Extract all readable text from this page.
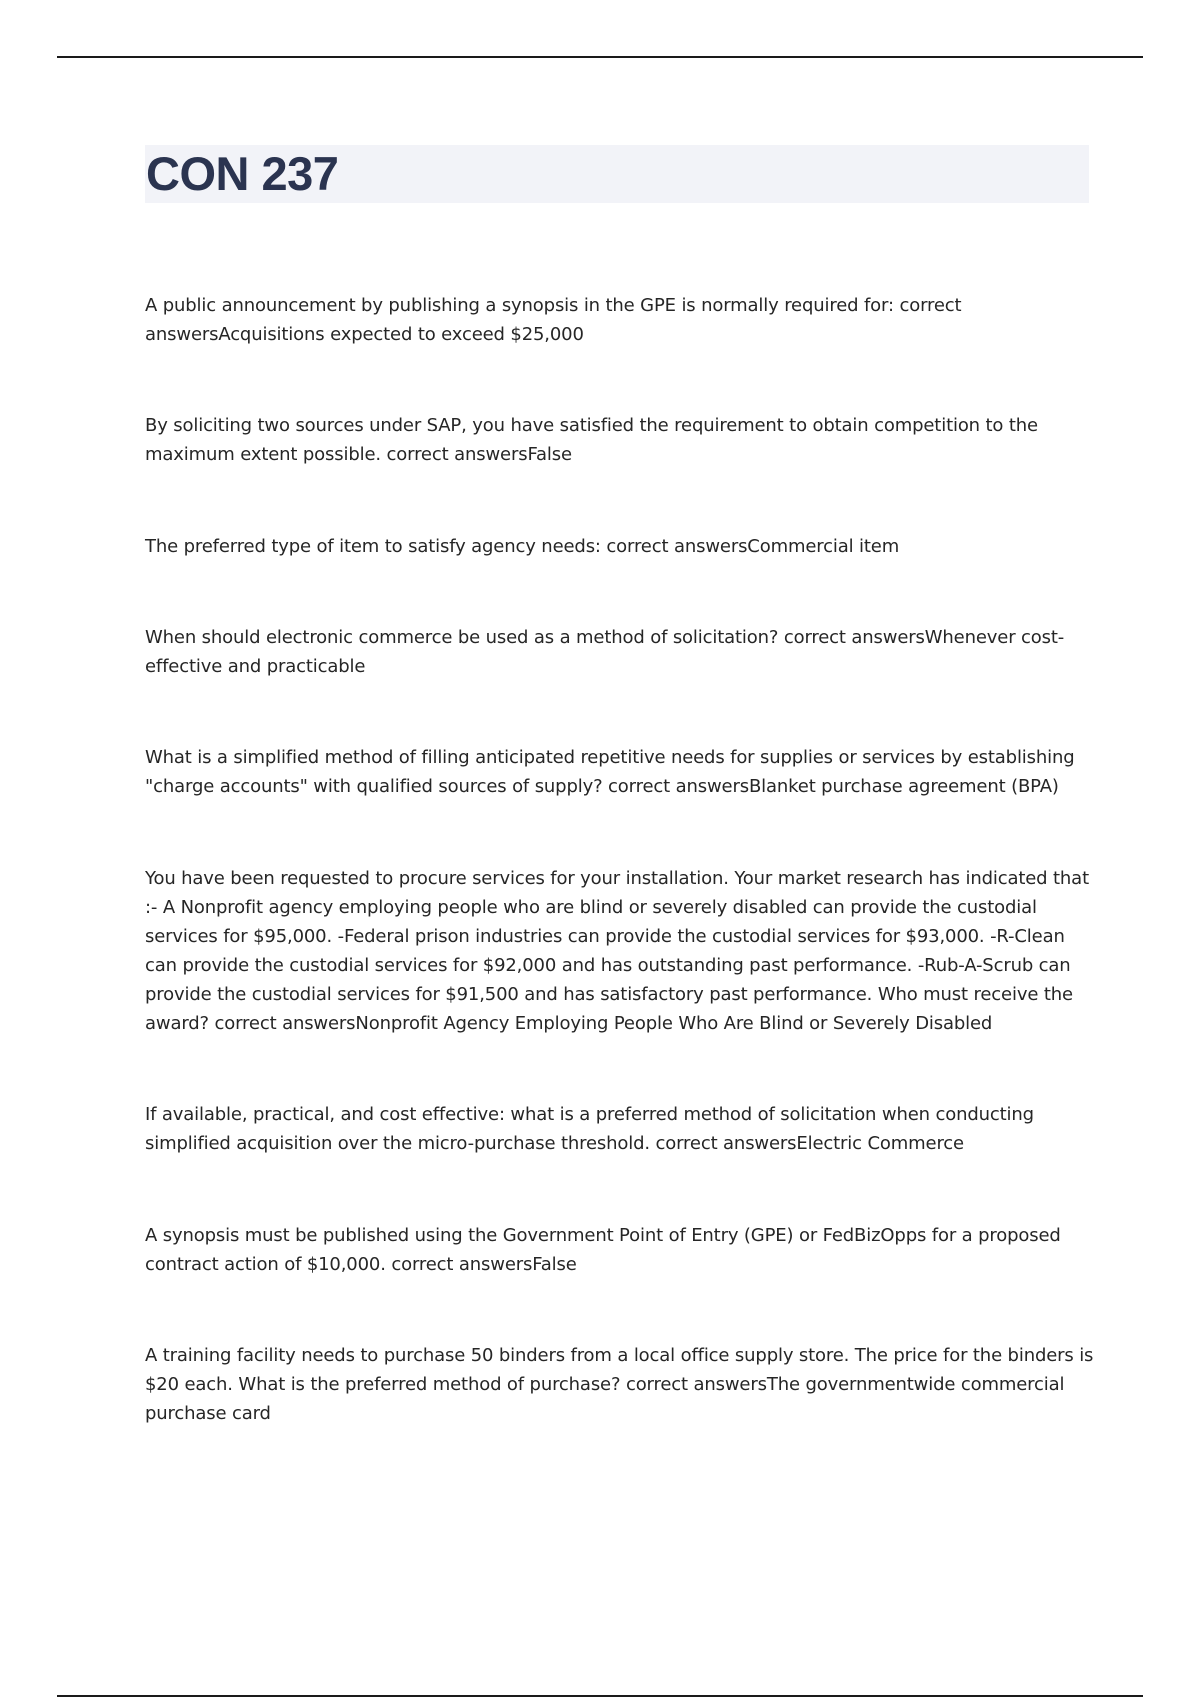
CON 237

A public announcement by publishing a synopsis in the GPE is normally required for: correct answersAcquisitions expected to exceed $25,000

By soliciting two sources under SAP, you have satisfied the requirement to obtain competition to the maximum extent possible. correct answersFalse

The preferred type of item to satisfy agency needs: correct answersCommercial item

When should electronic commerce be used as a method of solicitation? correct answersWhenever cost-effective and practicable

What is a simplified method of filling anticipated repetitive needs for supplies or services by establishing "charge accounts" with qualified sources of supply? correct answersBlanket purchase agreement (BPA)

You have been requested to procure services for your installation. Your market research has indicated that :- A Nonprofit agency employing people who are blind or severely disabled can provide the custodial services for $95,000. -Federal prison industries can provide the custodial services for $93,000. -R-Clean can provide the custodial services for $92,000 and has outstanding past performance. -Rub-A-Scrub can provide the custodial services for $91,500 and has satisfactory past performance. Who must receive the award? correct answersNonprofit Agency Employing People Who Are Blind or Severely Disabled

If available, practical, and cost effective: what is a preferred method of solicitation when conducting simplified acquisition over the micro-purchase threshold. correct answersElectric Commerce

A synopsis must be published using the Government Point of Entry (GPE) or FedBizOpps for a proposed contract action of $10,000. correct answersFalse

A training facility needs to purchase 50 binders from a local office supply store. The price for the binders is $20 each. What is the preferred method of purchase? correct answersThe governmentwide commercial purchase card
